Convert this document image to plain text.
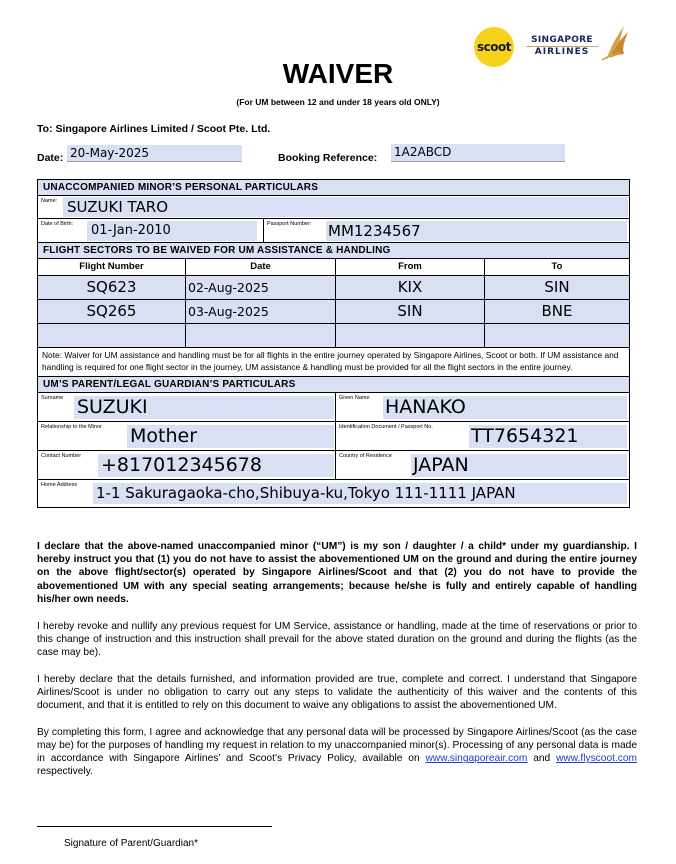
scoot	SINGAPORE
AIRLINES
WAIVER
(For UM between 12 and under 18 years old ONLY)
To: Singapore Airlines Limited / Scoot Pte. Ltd.
Date: 20-May-2025	Booking Reference: 1A2ABCD
UNACCOMPANIED MINOR’S PERSONAL PARTICULARS
Name: SUZUKI TARO
Date of Birth:	01-Jan-2010	Passport Number: MM1234567
FLIGHT SECTORS TO BE WAIVED FOR UM ASSISTANCE & HANDLING
Flight Number	Date	From	To
SQ623	02-Aug-2025	KIX	SIN
SQ265	03-Aug-2025	SIN	BNE
Note: Waiver for UM assistance and handling must be for all flights in the entire journey operated by Singapore Airlines, Scoot or both. If UM assistance and handling is required for one flight sector in the journey, UM assistance & handling must be provided for all the flight sectors in the entire journey.
UM’S PARENT/LEGAL GUARDIAN’S PARTICULARS
Surname SUZUKI	Given Name HANAKO
Relationship to the Minor Mother	Identification Document / Passport No. TT7654321
Contact Number +817012345678	Country of Residence JAPAN
Home Address 1-1 Sakuragaoka-cho,Shibuya-ku,Tokyo 111-1111 JAPAN

I declare that the above-named unaccompanied minor (“UM”) is my son / daughter / a child* under my guardianship. I hereby instruct you that (1) you do not have to assist the abovementioned UM on the ground and during the entire journey on the above flight/sector(s) operated by Singapore Airlines/Scoot and that (2) you do not have to provide the abovementioned UM with any special seating arrangements; because he/she is fully and entirely capable of handling his/her own needs.

I hereby revoke and nullify any previous request for UM Service, assistance or handling, made at the time of reservations or prior to this change of instruction and this instruction shall prevail for the above stated duration on the ground and during the flights (as the case may be).

I hereby declare that the details furnished, and information provided are true, complete and correct. I understand that Singapore Airlines/Scoot is under no obligation to carry out any steps to validate the authenticity of this waiver and the contents of this document, and that it is entitled to rely on this document to waive any obligations to assist the abovementioned UM.

By completing this form, I agree and acknowledge that any personal data will be processed by Singapore Airlines/Scoot (as the case may be) for the purposes of handling my request in relation to my unaccompanied minor(s). Processing of any personal data is made in accordance with Singapore Airlines’ and Scoot’s Privacy Policy, available on www.singaporeair.com and www.flyscoot.com respectively.

Signature of Parent/Guardian*
